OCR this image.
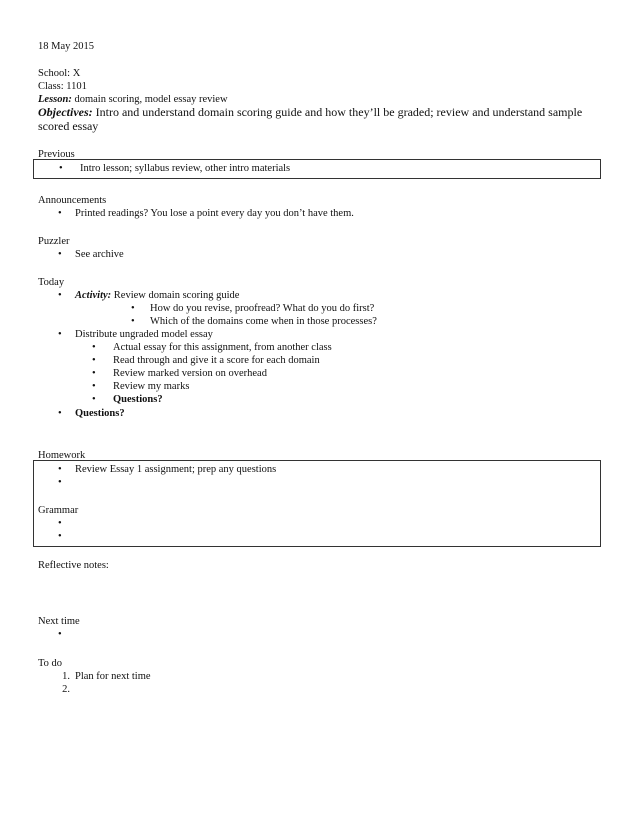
18 May 2015
School: X
Class: 1101
Lesson: domain scoring, model essay review
Objectives: Intro and understand domain scoring guide and how they’ll be graded; review and understand sample scored essay
Previous
•	Intro lesson; syllabus review, other intro materials
Announcements
•	Printed readings? You lose a point every day you don’t have them.
Puzzler
•	See archive
Today
•	Activity: Review domain scoring guide
• How do you revise, proofread? What do you do first?
• Which of the domains come when in those processes?
•	Distribute ungraded model essay
• Actual essay for this assignment, from another class
• Read through and give it a score for each domain
• Review marked version on overhead
• Review my marks
• Questions?
•	Questions?
Homework
•	Review Essay 1 assignment; prep any questions
•
Grammar
•
•
Reflective notes:
Next time
•
To do
1. Plan for next time
2.
